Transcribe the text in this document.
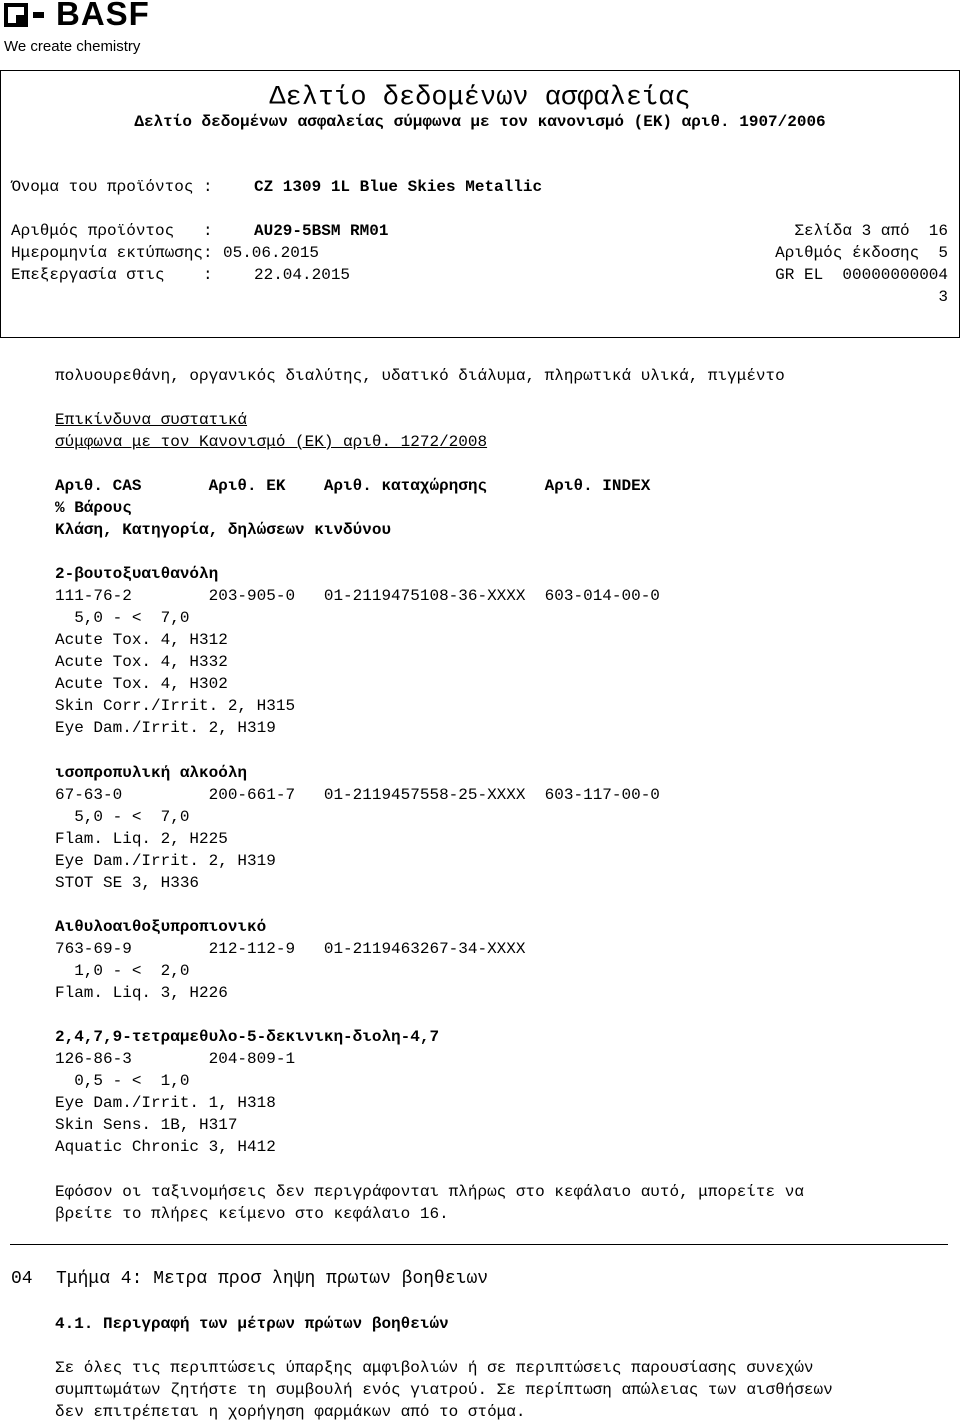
BASF
We create chemistry
Δελτίο δεδομένων ασφαλείας
Δελτίο δεδομένων ασφαλείας σύμφωνα με τον κανονισμό (ΕΚ) αριθ. 1907/2006
Όνομα του προϊόντος :	CZ 1309 1L Blue Skies Metallic
Αριθμός προϊόντος   :	AU29-5BSM RM01
Ημερομηνία εκτύπωσης: 05.06.2015
Επεξεργασία στις    :	22.04.2015
Σελίδα 3 από  16
Αριθμός έκδοσης  5
GR EL  00000000004
3
πολυουρεθάνη, οργανικός διαλύτης, υδατικό διάλυμα, πληρωτικά υλικά, πιγμέντο
Επικίνδυνα συστατικά
σύμφωνα με τον Κανονισμό (ΕΚ) αριθ. 1272/2008
Αριθ. CAS       Αριθ. ΕΚ    Αριθ. καταχώρησης      Αριθ. INDEX
% Βάρους
Κλάση, Κατηγορία, δηλώσεων κινδύνου
2-βουτοξυαιθανόλη
111-76-2        203-905-0   01-2119475108-36-XXXX  603-014-00-0
5,0 - <  7,0
Acute Tox. 4, H312
Acute Tox. 4, H332
Acute Tox. 4, H302
Skin Corr./Irrit. 2, H315
Eye Dam./Irrit. 2, H319
ισοπροπυλική αλκοόλη
67-63-0         200-661-7   01-2119457558-25-XXXX  603-117-00-0
5,0 - <  7,0
Flam. Liq. 2, H225
Eye Dam./Irrit. 2, H319
STOT SE 3, H336
Αιθυλοαιθοξυπροπιονικό
763-69-9        212-112-9   01-2119463267-34-XXXX
1,0 - <  2,0
Flam. Liq. 3, H226
2,4,7,9-τετραμεθυλο-5-δεκινικη-διολη-4,7
126-86-3        204-809-1
0,5 - <  1,0
Eye Dam./Irrit. 1, H318
Skin Sens. 1B, H317
Aquatic Chronic 3, H412
Εφόσον οι ταξινομήσεις δεν περιγράφονται πλήρως στο κεφάλαιο αυτό, μπορείτε να
βρείτε το πλήρες κείμενο στο κεφάλαιο 16.
04 Τμήμα 4: Μετρα προσ ληψη πρωτων βοηθειων
4.1. Περιγραφή των μέτρων πρώτων βοηθειών
Σε όλες τις περιπτώσεις ύπαρξης αμφιβολιών ή σε περιπτώσεις παρουσίασης συνεχών
συμπτωμάτων ζητήστε τη συμβουλή ενός γιατρού. Σε περίπτωση απώλειας των αισθήσεων
δεν επιτρέπεται η χορήγηση φαρμάκων από το στόμα.
